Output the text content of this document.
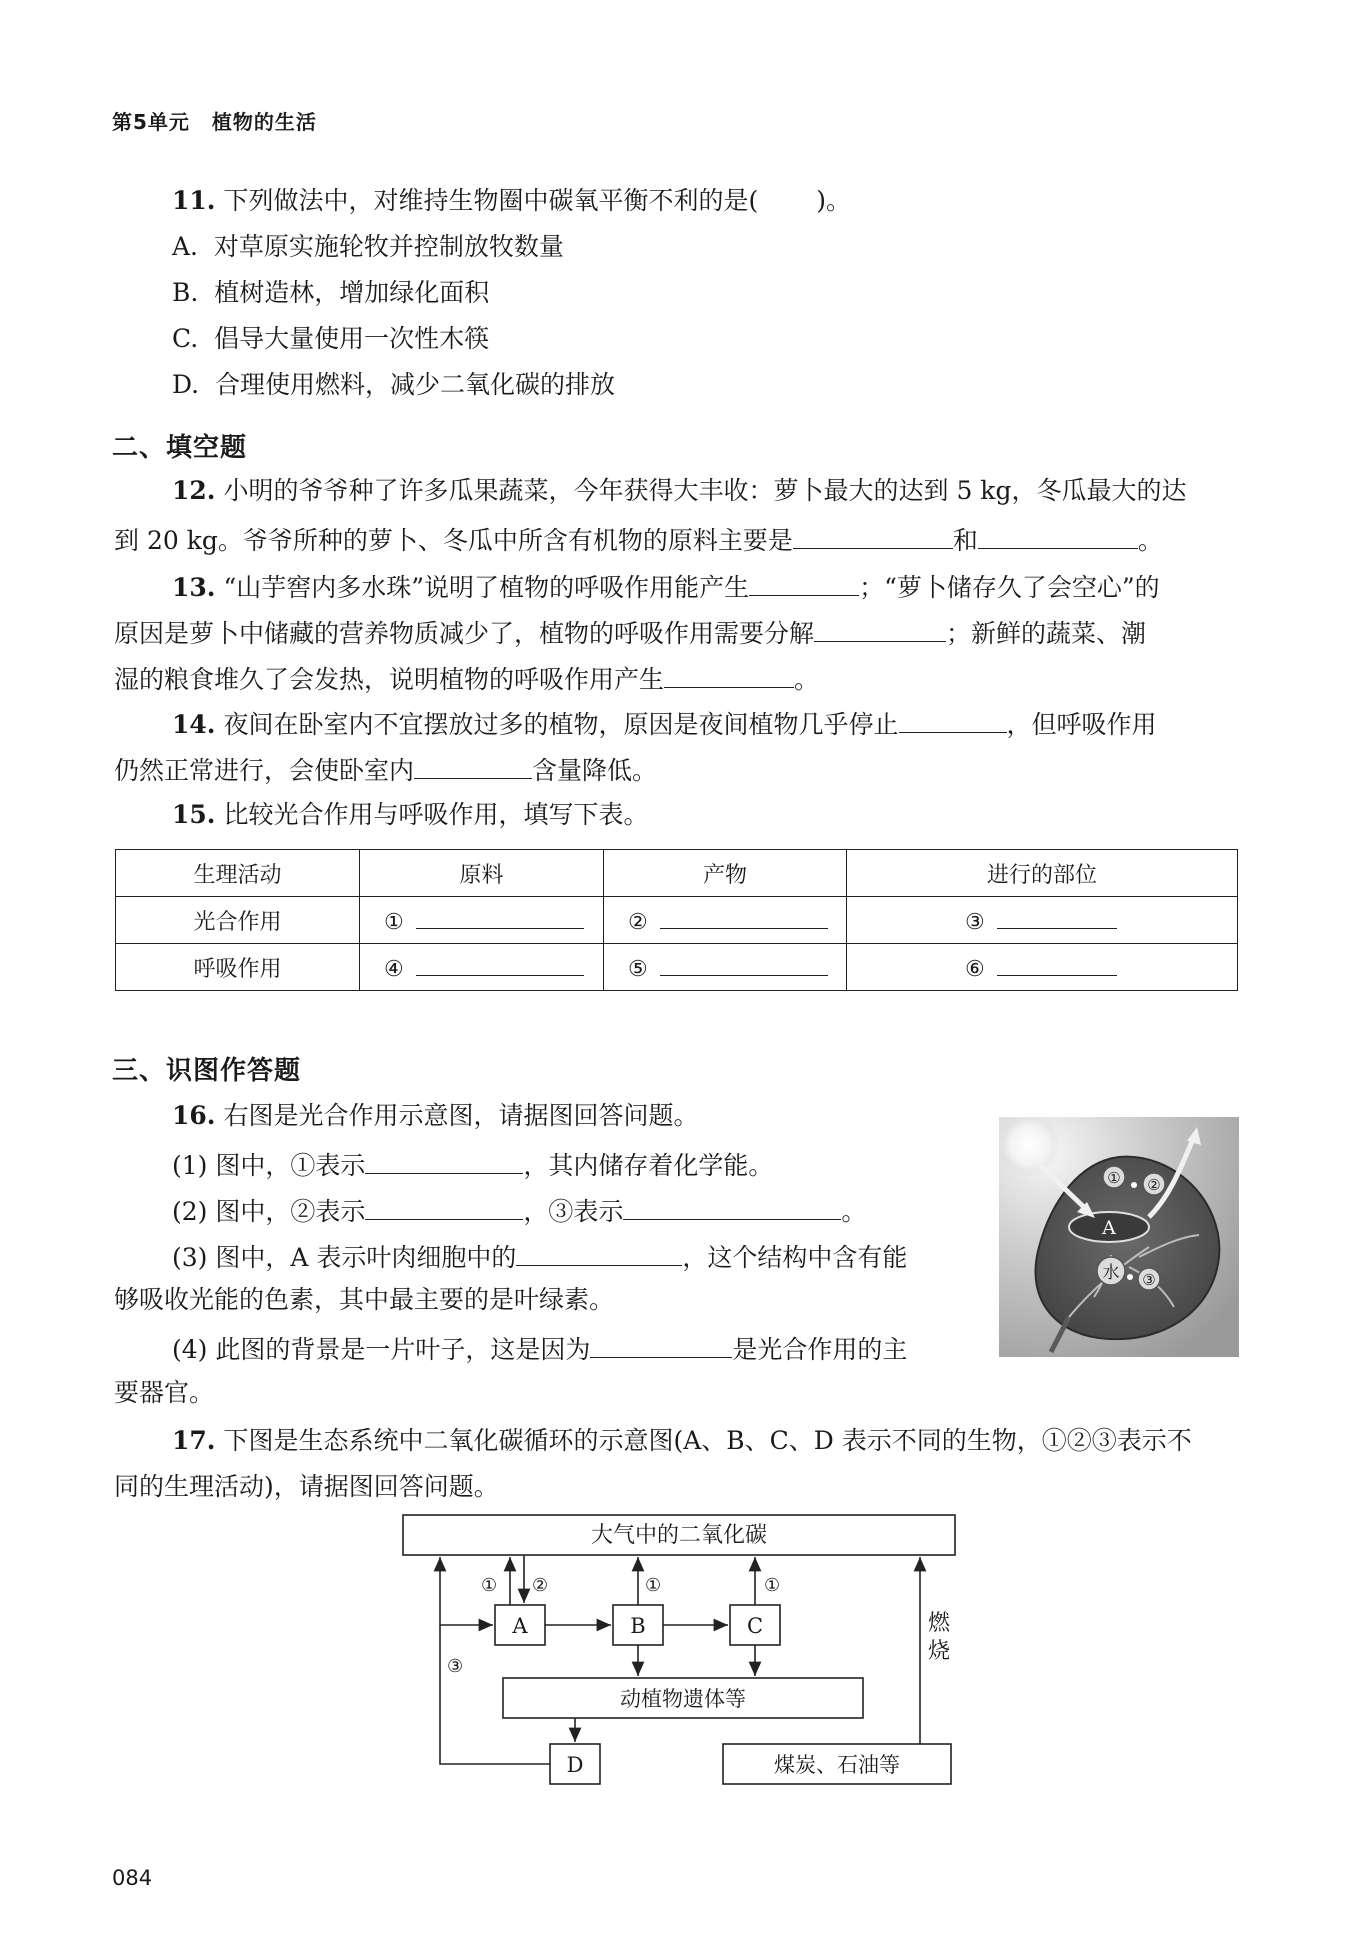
第5单元 植物的生活
11. 下列做法中，对维持生物圈中碳氧平衡不利的是( )。
A. 对草原实施轮牧并控制放牧数量
B. 植树造林，增加绿化面积
C. 倡导大量使用一次性木筷
D. 合理使用燃料，减少二氧化碳的排放
二、填空题
12. 小明的爷爷种了许多瓜果蔬菜，今年获得大丰收：萝卜最大的达到 5 kg，冬瓜最大的达
到 20 kg。爷爷所种的萝卜、冬瓜中所含有机物的原料主要是	和	。
13. “山芋窖内多水珠”说明了植物的呼吸作用能产生	；“萝卜储存久了会空心”的
原因是萝卜中储藏的营养物质减少了，植物的呼吸作用需要分解	；新鲜的蔬菜、潮
湿的粮食堆久了会发热，说明植物的呼吸作用产生	。
14. 夜间在卧室内不宜摆放过多的植物，原因是夜间植物几乎停止	，但呼吸作用
仍然正常进行，会使卧室内	含量降低。
15. 比较光合作用与呼吸作用，填写下表。
生理活动	原料	产物	进行的部位
光合作用	①	②	③
呼吸作用	④	⑤	⑥
三、识图作答题
16. 右图是光合作用示意图，请据图回答问题。
(1) 图中，①表示	，其内储存着化学能。
(2) 图中，②表示	，③表示	。
(3) 图中，A 表示叶肉细胞中的	，这个结构中含有能
够吸收光能的色素，其中最主要的是叶绿素。
(4) 此图的背景是一片叶子，这是因为	是光合作用的主
要器官。
A
① ②
水 ③
17. 下图是生态系统中二氧化碳循环的示意图(A、B、C、D 表示不同的生物，①②③表示不
同的生理活动)，请据图回答问题。
大气中的二氧化碳
A	B	C
动植物遗体等
D	煤炭、石油等
燃
烧
① ②	①	①
③
084
